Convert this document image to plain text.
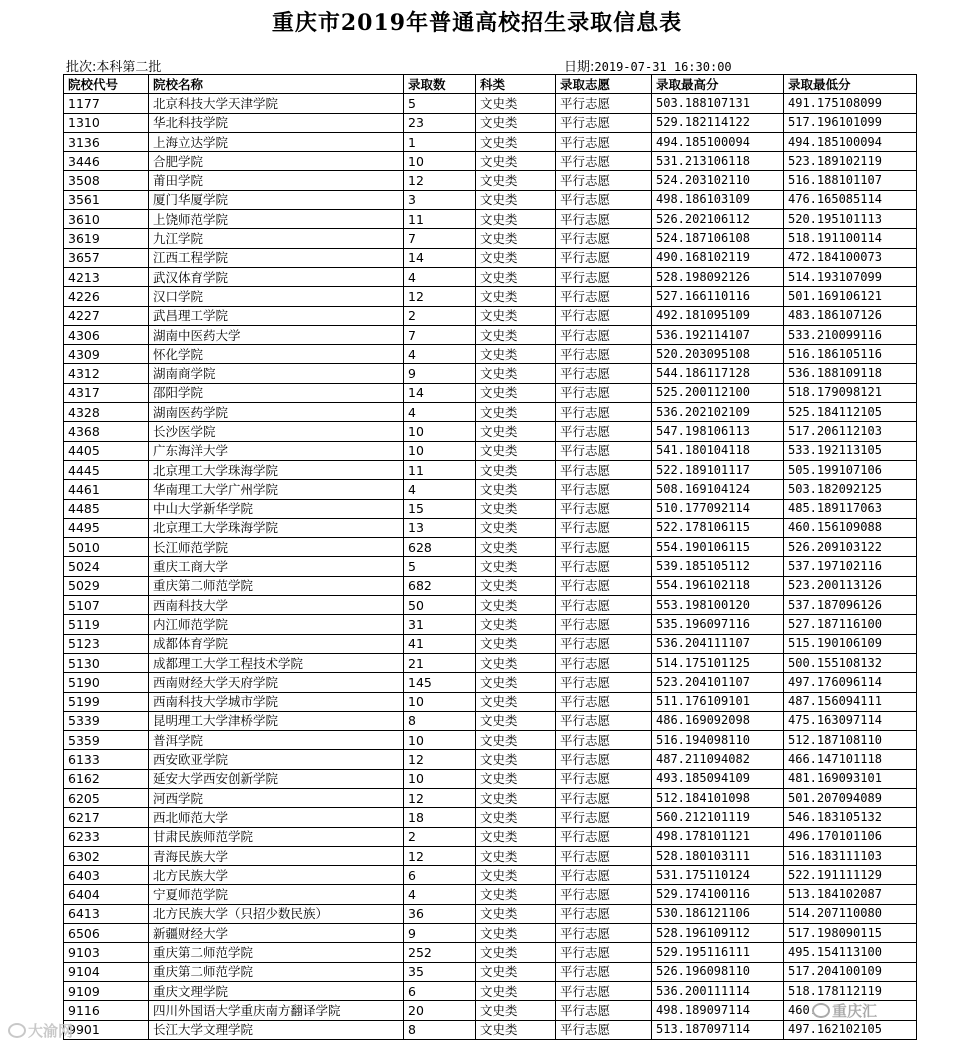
重庆市2019年普通高校招生录取信息表
批次:本科第二批	日期:2019-07-31 16:30:00
院校代号	院校名称	录取数	科类	录取志愿	录取最高分	录取最低分
1177	北京科技大学天津学院	5	文史类	平行志愿	503.188107131	491.175108099
1310	华北科技学院	23	文史类	平行志愿	529.182114122	517.196101099
3136	上海立达学院	1	文史类	平行志愿	494.185100094	494.185100094
3446	合肥学院	10	文史类	平行志愿	531.213106118	523.189102119
3508	莆田学院	12	文史类	平行志愿	524.203102110	516.188101107
3561	厦门华厦学院	3	文史类	平行志愿	498.186103109	476.165085114
3610	上饶师范学院	11	文史类	平行志愿	526.202106112	520.195101113
3619	九江学院	7	文史类	平行志愿	524.187106108	518.191100114
3657	江西工程学院	14	文史类	平行志愿	490.168102119	472.184100073
4213	武汉体育学院	4	文史类	平行志愿	528.198092126	514.193107099
4226	汉口学院	12	文史类	平行志愿	527.166110116	501.169106121
4227	武昌理工学院	2	文史类	平行志愿	492.181095109	483.186107126
4306	湖南中医药大学	7	文史类	平行志愿	536.192114107	533.210099116
4309	怀化学院	4	文史类	平行志愿	520.203095108	516.186105116
4312	湖南商学院	9	文史类	平行志愿	544.186117128	536.188109118
4317	邵阳学院	14	文史类	平行志愿	525.200112100	518.179098121
4328	湖南医药学院	4	文史类	平行志愿	536.202102109	525.184112105
4368	长沙医学院	10	文史类	平行志愿	547.198106113	517.206112103
4405	广东海洋大学	10	文史类	平行志愿	541.180104118	533.192113105
4445	北京理工大学珠海学院	11	文史类	平行志愿	522.189101117	505.199107106
4461	华南理工大学广州学院	4	文史类	平行志愿	508.169104124	503.182092125
4485	中山大学新华学院	15	文史类	平行志愿	510.177092114	485.189117063
4495	北京理工大学珠海学院	13	文史类	平行志愿	522.178106115	460.156109088
5010	长江师范学院	628	文史类	平行志愿	554.190106115	526.209103122
5024	重庆工商大学	5	文史类	平行志愿	539.185105112	537.197102116
5029	重庆第二师范学院	682	文史类	平行志愿	554.196102118	523.200113126
5107	西南科技大学	50	文史类	平行志愿	553.198100120	537.187096126
5119	内江师范学院	31	文史类	平行志愿	535.196097116	527.187116100
5123	成都体育学院	41	文史类	平行志愿	536.204111107	515.190106109
5130	成都理工大学工程技术学院	21	文史类	平行志愿	514.175101125	500.155108132
5190	西南财经大学天府学院	145	文史类	平行志愿	523.204101107	497.176096114
5199	西南科技大学城市学院	10	文史类	平行志愿	511.176109101	487.156094111
5339	昆明理工大学津桥学院	8	文史类	平行志愿	486.169092098	475.163097114
5359	普洱学院	10	文史类	平行志愿	516.194098110	512.187108110
6133	西安欧亚学院	12	文史类	平行志愿	487.211094082	466.147101118
6162	延安大学西安创新学院	10	文史类	平行志愿	493.185094109	481.169093101
6205	河西学院	12	文史类	平行志愿	512.184101098	501.207094089
6217	西北师范大学	18	文史类	平行志愿	560.212101119	546.183105132
6233	甘肃民族师范学院	2	文史类	平行志愿	498.178101121	496.170101106
6302	青海民族大学	12	文史类	平行志愿	528.180103111	516.183111103
6403	北方民族大学	6	文史类	平行志愿	531.175110124	522.191111129
6404	宁夏师范学院	4	文史类	平行志愿	529.174100116	513.184102087
6413	北方民族大学（只招少数民族）	36	文史类	平行志愿	530.186121106	514.207110080
6506	新疆财经大学	9	文史类	平行志愿	528.196109112	517.198090115
9103	重庆第二师范学院	252	文史类	平行志愿	529.195116111	495.154113100
9104	重庆第二师范学院	35	文史类	平行志愿	526.196098110	517.204100109
9109	重庆文理学院	6	文史类	平行志愿	536.200111114	518.178112119
9116	四川外国语大学重庆南方翻译学院	20	文史类	平行志愿	498.189097114	460.
9901	长江大学文理学院	8	文史类	平行志愿	513.187097114	497.162102105
大渝网
重庆汇
